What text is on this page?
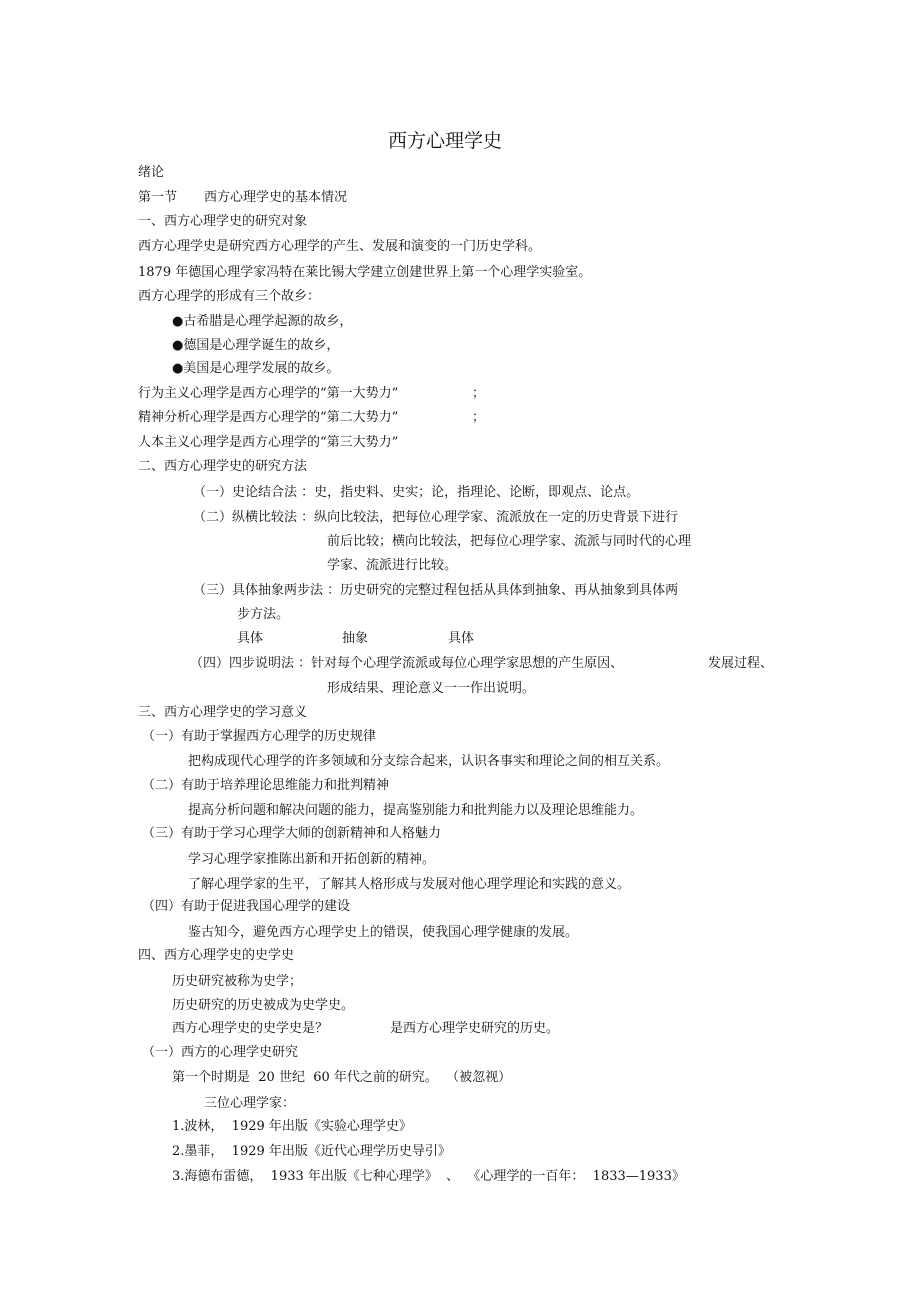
西方心理学史
绪论
第一节 西方心理学史的基本情况
一、西方心理学史的研究对象
西方心理学史是研究西方心理学的产生、发展和演变的一门历史学科。
1879 年德国心理学家冯特在莱比锡大学建立创建世界上第一个心理学实验室。
西方心理学的形成有三个故乡：
●古希腊是心理学起源的故乡，
●德国是心理学诞生的故乡，
●美国是心理学发展的故乡。
行为主义心理学是西方心理学的“第一大势力”	；
精神分析心理学是西方心理学的“第二大势力”	；
人本主义心理学是西方心理学的“第三大势力”
二、西方心理学史的研究方法
（一）史论结合法 ：史，指史料、史实；论，指理论、论断，即观点、论点。
（二）纵横比较法 ：纵向比较法，把每位心理学家、流派放在一定的历史背景下进行
前后比较；横向比较法，把每位心理学家、流派与同时代的心理
学家、流派进行比较。
（三）具体抽象两步法 ：历史研究的完整过程包括从具体到抽象、再从抽象到具体两
步方法。
具体	抽象	具体
（四）四步说明法 ：针对每个心理学流派或每位心理学家思想的产生原因、	发展过程、
形成结果、理论意义一一作出说明。
三、西方心理学史的学习意义
（一）有助于掌握西方心理学的历史规律
把构成现代心理学的许多领域和分支综合起来，认识各事实和理论之间的相互关系。
（二）有助于培养理论思维能力和批判精神
提高分析问题和解决问题的能力，提高鉴别能力和批判能力以及理论思维能力。
（三）有助于学习心理学大师的创新精神和人格魅力
学习心理学家推陈出新和开拓创新的精神。
了解心理学家的生平，了解其人格形成与发展对他心理学理论和实践的意义。
（四）有助于促进我国心理学的建设
鉴古知今，避免西方心理学史上的错误，使我国心理学健康的发展。
四、西方心理学史的史学史
历史研究被称为史学；
历史研究的历史被成为史学史。
西方心理学史的史学史是？	是西方心理学史研究的历史。
（一）西方的心理学史研究
第一个时期是  20 世纪  60 年代之前的研究。  （被忽视）
三位心理学家：
1.波林，  1929 年出版《实验心理学史》
2.墨菲，  1929 年出版《近代心理学历史导引》
3.海德布雷德，  1933 年出版《七种心理学》  、  《心理学的一百年：  1833—1933》
